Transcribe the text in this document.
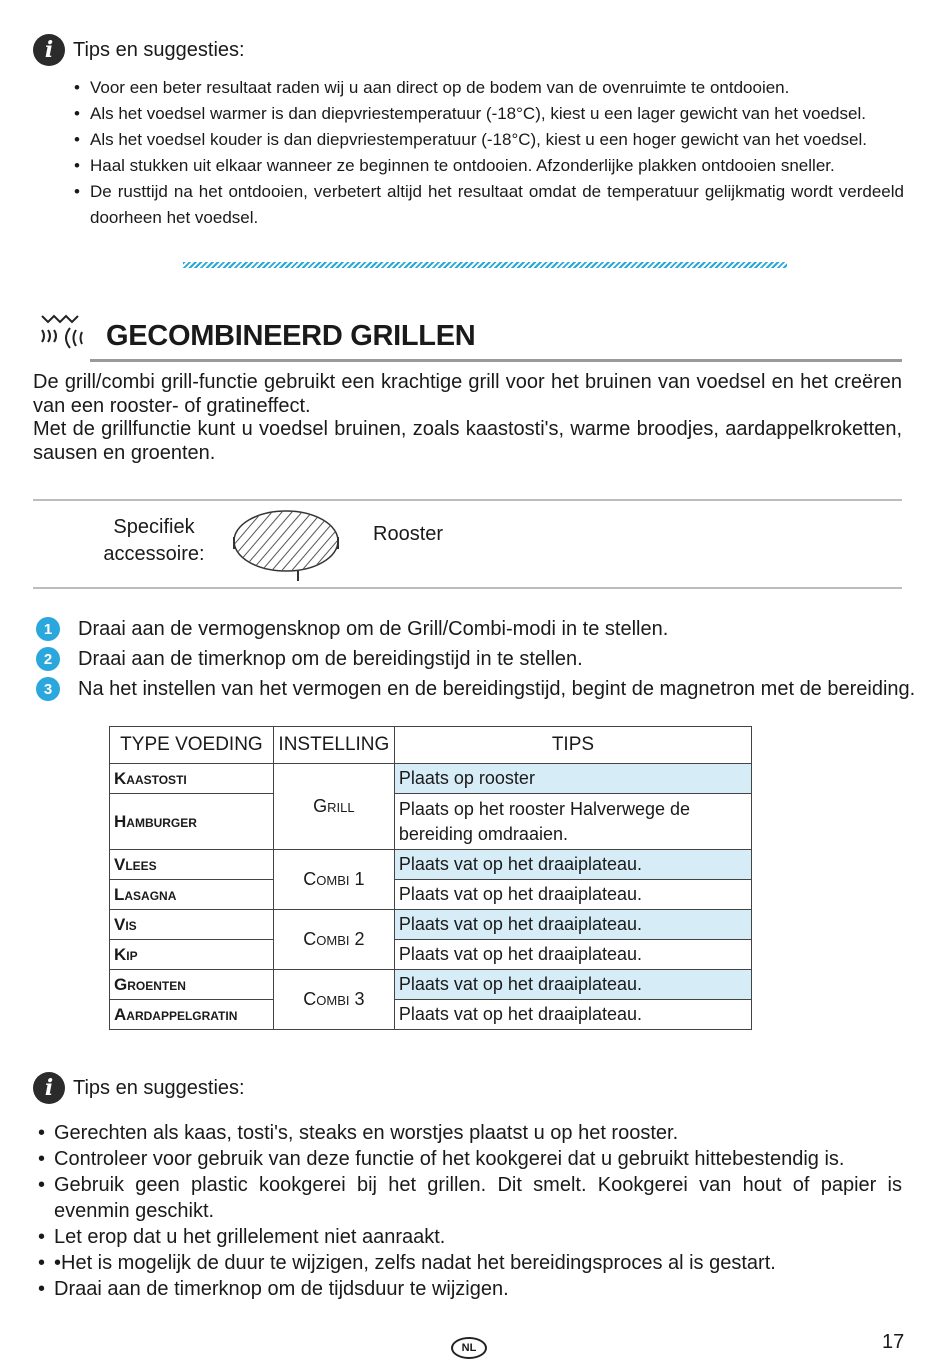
i Tips en suggesties:
• Voor een beter resultaat raden wij u aan direct op de bodem van de ovenruimte te ontdooien.
• Als het voedsel warmer is dan diepvriestemperatuur (-18°C), kiest u een lager gewicht van het voedsel.
• Als het voedsel kouder is dan diepvriestemperatuur (-18°C), kiest u een hoger gewicht van het voedsel.
• Haal stukken uit elkaar wanneer ze beginnen te ontdooien. Afzonderlijke plakken ontdooien sneller.
• De rusttijd na het ontdooien, verbetert altijd het resultaat omdat de temperatuur gelijkmatig wordt verdeeld doorheen het voedsel.
GECOMBINEERD GRILLEN
De grill/combi grill-functie gebruikt een krachtige grill voor het bruinen van voedsel en het creëren van een rooster- of gratineffect.
Met de grillfunctie kunt u voedsel bruinen, zoals kaastosti's, warme broodjes, aardappelkroketten, sausen en groenten.
Specifiek
accessoire:
Rooster
1	Draai aan de vermogensknop om de Grill/Combi-modi in te stellen.
2	Draai aan de timerknop om de bereidingstijd in te stellen.
3	Na het instellen van het vermogen en de bereidingstijd, begint de magnetron met de bereiding.
TYPE VOEDING	INSTELLING	TIPS
Kaastosti	Grill	Plaats op rooster
Hamburger		Plaats op het rooster Halverwege de bereiding omdraaien.
Vlees	Combi 1	Plaats vat op het draaiplateau.
Lasagna		Plaats vat op het draaiplateau.
Vis	Combi 2	Plaats vat op het draaiplateau.
Kip		Plaats vat op het draaiplateau.
Groenten	Combi 3	Plaats vat op het draaiplateau.
Aardappelgratin		Plaats vat op het draaiplateau.
i Tips en suggesties:
• Gerechten als kaas, tosti's, steaks en worstjes plaatst u op het rooster.
• Controleer voor gebruik van deze functie of het kookgerei dat u gebruikt hittebestendig is.
• Gebruik geen plastic kookgerei bij het grillen. Dit smelt. Kookgerei van hout of papier is evenmin geschikt.
• Let erop dat u het grillelement niet aanraakt.
• •Het is mogelijk de duur te wijzigen, zelfs nadat het bereidingsproces al is gestart.
• Draai aan de timerknop om de tijdsduur te wijzigen.
NL	17
